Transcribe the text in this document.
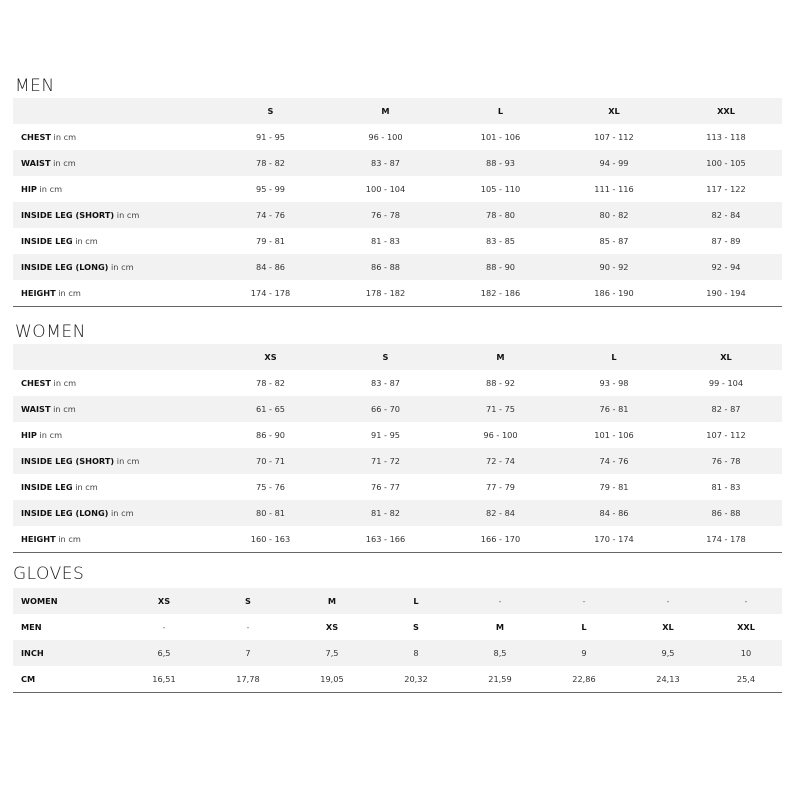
MEN
	S	M	L	XL	XXL
CHEST in cm	91 - 95	96 - 100	101 - 106	107 - 112	113 - 118
WAIST in cm	78 - 82	83 - 87	88 - 93	94 - 99	100 - 105
HIP in cm	95 - 99	100 - 104	105 - 110	111 - 116	117 - 122
INSIDE LEG (SHORT) in cm	74 - 76	76 - 78	78 - 80	80 - 82	82 - 84
INSIDE LEG in cm	79 - 81	81 - 83	83 - 85	85 - 87	87 - 89
INSIDE LEG (LONG) in cm	84 - 86	86 - 88	88 - 90	90 - 92	92 - 94
HEIGHT in cm	174 - 178	178 - 182	182 - 186	186 - 190	190 - 194
WOMEN
	XS	S	M	L	XL
CHEST in cm	78 - 82	83 - 87	88 - 92	93 - 98	99 - 104
WAIST in cm	61 - 65	66 - 70	71 - 75	76 - 81	82 - 87
HIP in cm	86 - 90	91 - 95	96 - 100	101 - 106	107 - 112
INSIDE LEG (SHORT) in cm	70 - 71	71 - 72	72 - 74	74 - 76	76 - 78
INSIDE LEG in cm	75 - 76	76 - 77	77 - 79	79 - 81	81 - 83
INSIDE LEG (LONG) in cm	80 - 81	81 - 82	82 - 84	84 - 86	86 - 88
HEIGHT in cm	160 - 163	163 - 166	166 - 170	170 - 174	174 - 178
GLOVES
WOMEN	XS	S	M	L	-	-	-	-
MEN	-	-	XS	S	M	L	XL	XXL
INCH	6,5	7	7,5	8	8,5	9	9,5	10
CM	16,51	17,78	19,05	20,32	21,59	22,86	24,13	25,4
